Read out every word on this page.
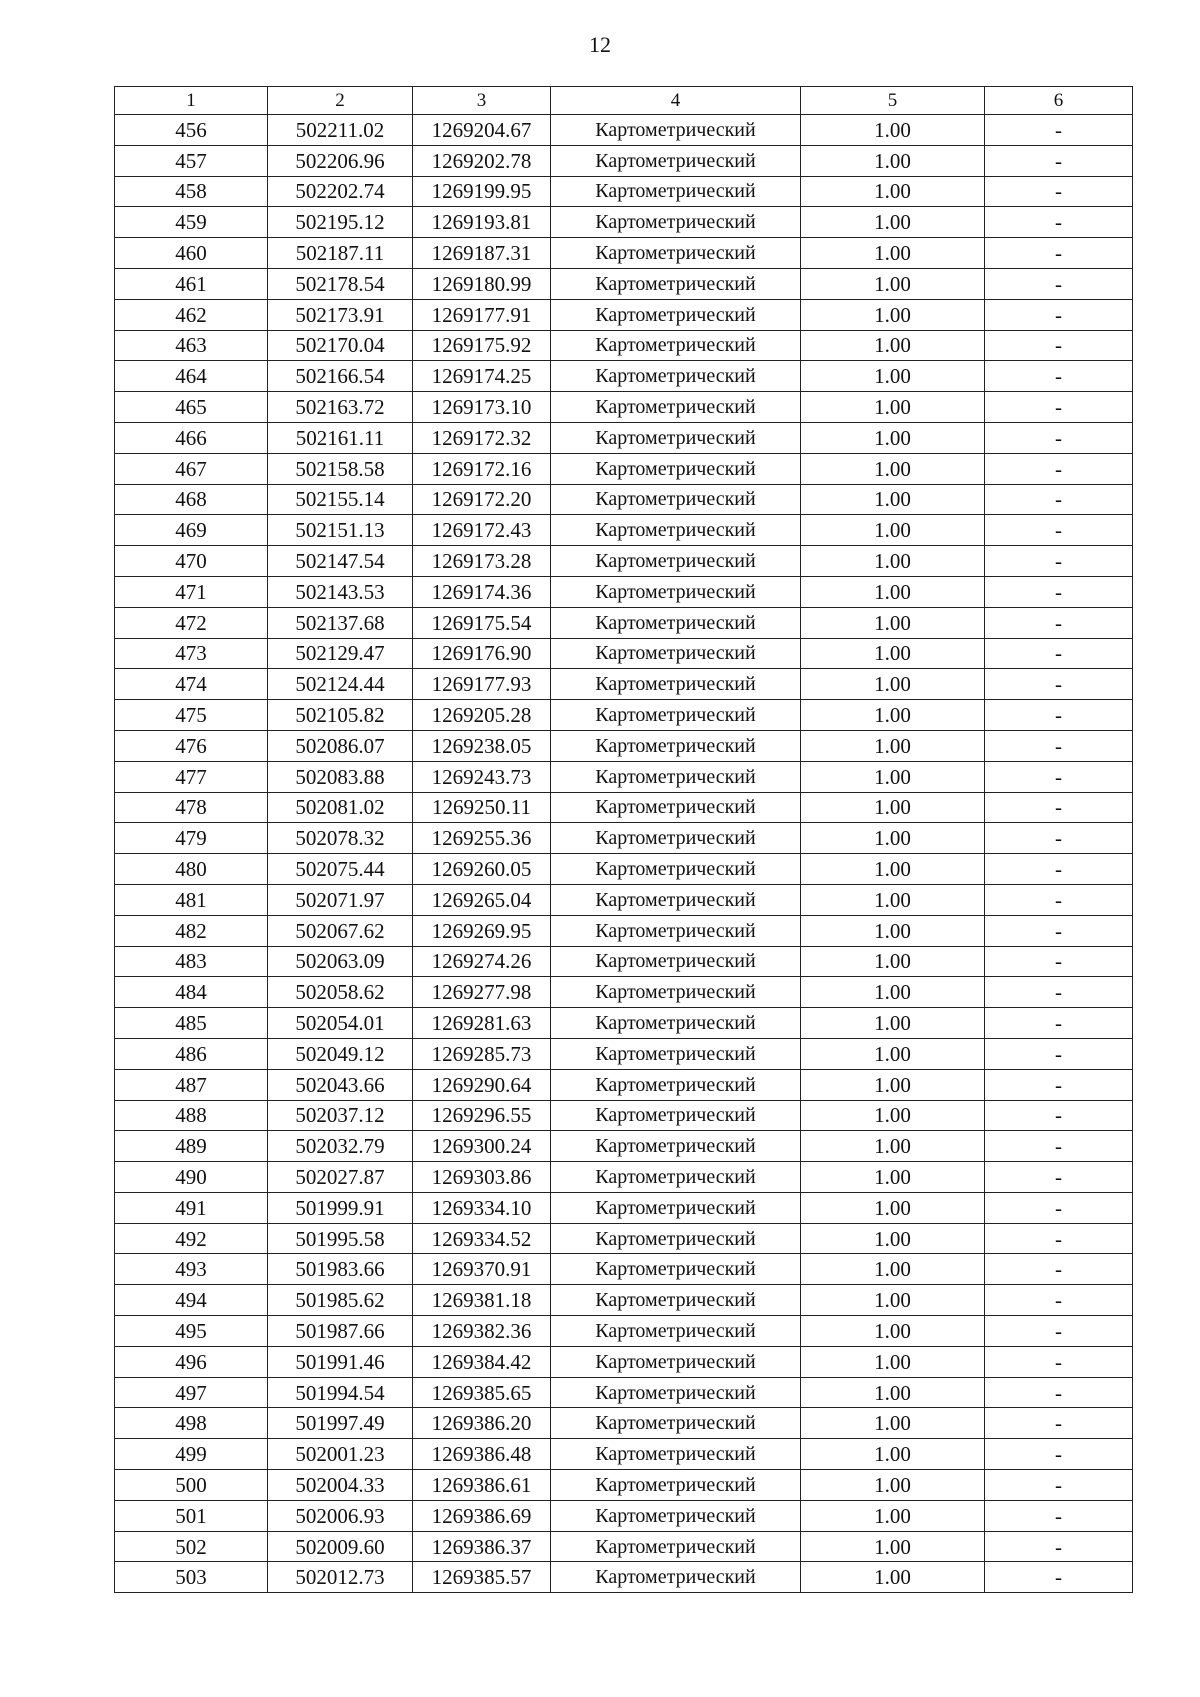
12
1	2	3	4	5	6
456	502211.02	1269204.67	Картометрический	1.00	-
457	502206.96	1269202.78	Картометрический	1.00	-
458	502202.74	1269199.95	Картометрический	1.00	-
459	502195.12	1269193.81	Картометрический	1.00	-
460	502187.11	1269187.31	Картометрический	1.00	-
461	502178.54	1269180.99	Картометрический	1.00	-
462	502173.91	1269177.91	Картометрический	1.00	-
463	502170.04	1269175.92	Картометрический	1.00	-
464	502166.54	1269174.25	Картометрический	1.00	-
465	502163.72	1269173.10	Картометрический	1.00	-
466	502161.11	1269172.32	Картометрический	1.00	-
467	502158.58	1269172.16	Картометрический	1.00	-
468	502155.14	1269172.20	Картометрический	1.00	-
469	502151.13	1269172.43	Картометрический	1.00	-
470	502147.54	1269173.28	Картометрический	1.00	-
471	502143.53	1269174.36	Картометрический	1.00	-
472	502137.68	1269175.54	Картометрический	1.00	-
473	502129.47	1269176.90	Картометрический	1.00	-
474	502124.44	1269177.93	Картометрический	1.00	-
475	502105.82	1269205.28	Картометрический	1.00	-
476	502086.07	1269238.05	Картометрический	1.00	-
477	502083.88	1269243.73	Картометрический	1.00	-
478	502081.02	1269250.11	Картометрический	1.00	-
479	502078.32	1269255.36	Картометрический	1.00	-
480	502075.44	1269260.05	Картометрический	1.00	-
481	502071.97	1269265.04	Картометрический	1.00	-
482	502067.62	1269269.95	Картометрический	1.00	-
483	502063.09	1269274.26	Картометрический	1.00	-
484	502058.62	1269277.98	Картометрический	1.00	-
485	502054.01	1269281.63	Картометрический	1.00	-
486	502049.12	1269285.73	Картометрический	1.00	-
487	502043.66	1269290.64	Картометрический	1.00	-
488	502037.12	1269296.55	Картометрический	1.00	-
489	502032.79	1269300.24	Картометрический	1.00	-
490	502027.87	1269303.86	Картометрический	1.00	-
491	501999.91	1269334.10	Картометрический	1.00	-
492	501995.58	1269334.52	Картометрический	1.00	-
493	501983.66	1269370.91	Картометрический	1.00	-
494	501985.62	1269381.18	Картометрический	1.00	-
495	501987.66	1269382.36	Картометрический	1.00	-
496	501991.46	1269384.42	Картометрический	1.00	-
497	501994.54	1269385.65	Картометрический	1.00	-
498	501997.49	1269386.20	Картометрический	1.00	-
499	502001.23	1269386.48	Картометрический	1.00	-
500	502004.33	1269386.61	Картометрический	1.00	-
501	502006.93	1269386.69	Картометрический	1.00	-
502	502009.60	1269386.37	Картометрический	1.00	-
503	502012.73	1269385.57	Картометрический	1.00	-
